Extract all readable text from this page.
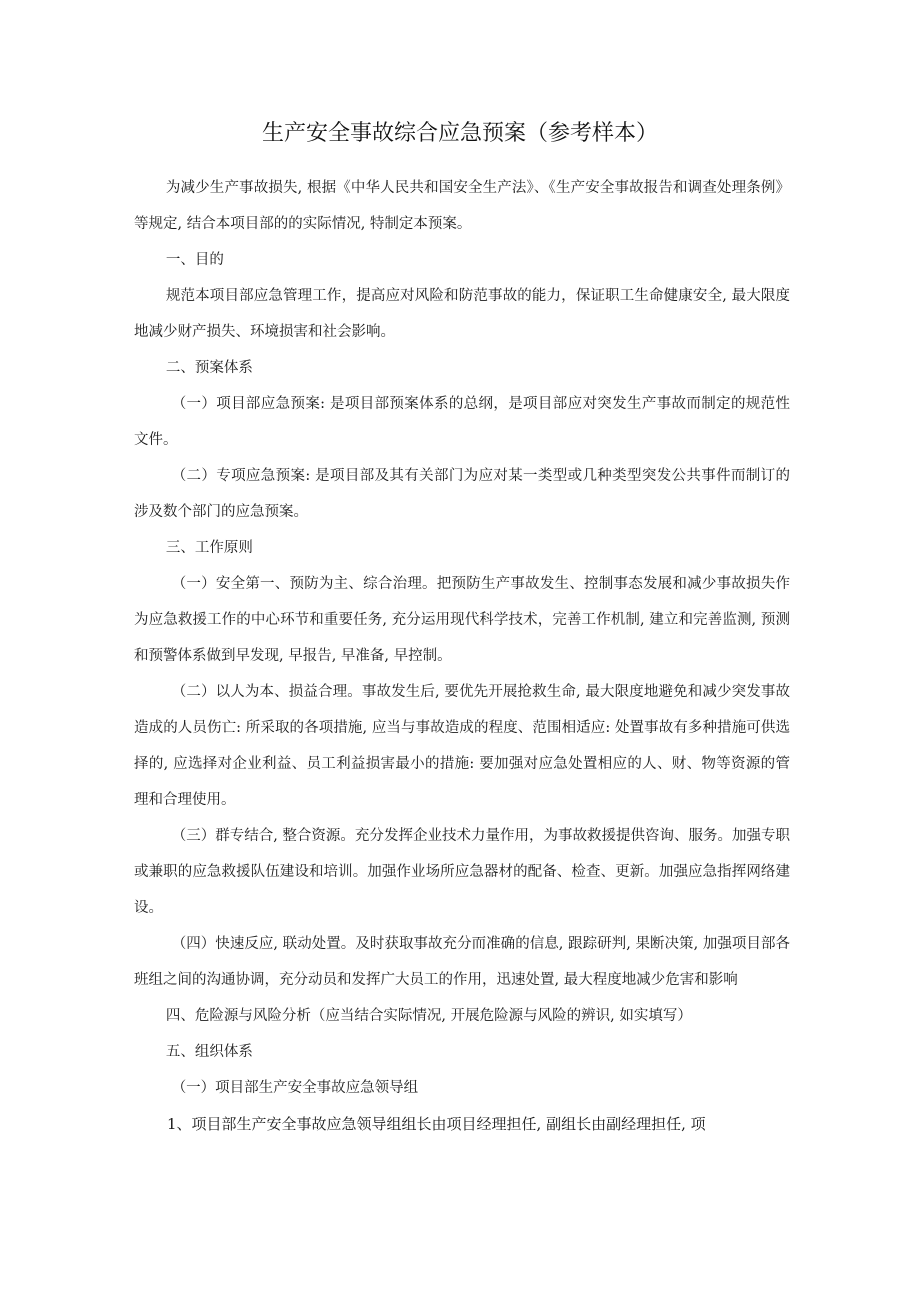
生产安全事故综合应急预案（参考样本）

为减少生产事故损失, 根据《中华人民共和国安全生产法》、《生产安全事故报告和调查处理条例》等规定, 结合本项目部的的实际情况, 特制定本预案。

一、目的

规范本项目部应急管理工作，提高应对风险和防范事故的能力，保证职工生命健康安全, 最大限度地减少财产损失、环境损害和社会影响。

二、预案体系

（一）项目部应急预案: 是项目部预案体系的总纲，是项目部应对突发生产事故而制定的规范性文件。

（二）专项应急预案: 是项目部及其有关部门为应对某一类型或几种类型突发公共事件而制订的涉及数个部门的应急预案。

三、工作原则

（一）安全第一、预防为主、综合治理。把预防生产事故发生、控制事态发展和减少事故损失作为应急救援工作的中心环节和重要任务, 充分运用现代科学技术，完善工作机制, 建立和完善监测, 预测和预警体系做到早发现, 早报告, 早准备, 早控制。

（二）以人为本、损益合理。事故发生后, 要优先开展抢救生命, 最大限度地避免和减少突发事故造成的人员伤亡: 所采取的各项措施, 应当与事故造成的程度、范围相适应: 处置事故有多种措施可供选择的, 应选择对企业利益、员工利益损害最小的措施: 要加强对应急处置相应的人、财、物等资源的管理和合理使用。

（三）群专结合, 整合资源。充分发挥企业技术力量作用，为事故救援提供咨询、服务。加强专职或兼职的应急救援队伍建设和培训。加强作业场所应急器材的配备、检查、更新。加强应急指挥网络建设。

（四）快速反应, 联动处置。及时获取事故充分而准确的信息, 跟踪研判, 果断决策, 加强项目部各班组之间的沟通协调，充分动员和发挥广大员工的作用，迅速处置, 最大程度地减少危害和影响

四、危险源与风险分析（应当结合实际情况, 开展危险源与风险的辨识, 如实填写）

五、组织体系

（一）项目部生产安全事故应急领导组

1、项目部生产安全事故应急领导组组长由项目经理担任, 副组长由副经理担任, 项
